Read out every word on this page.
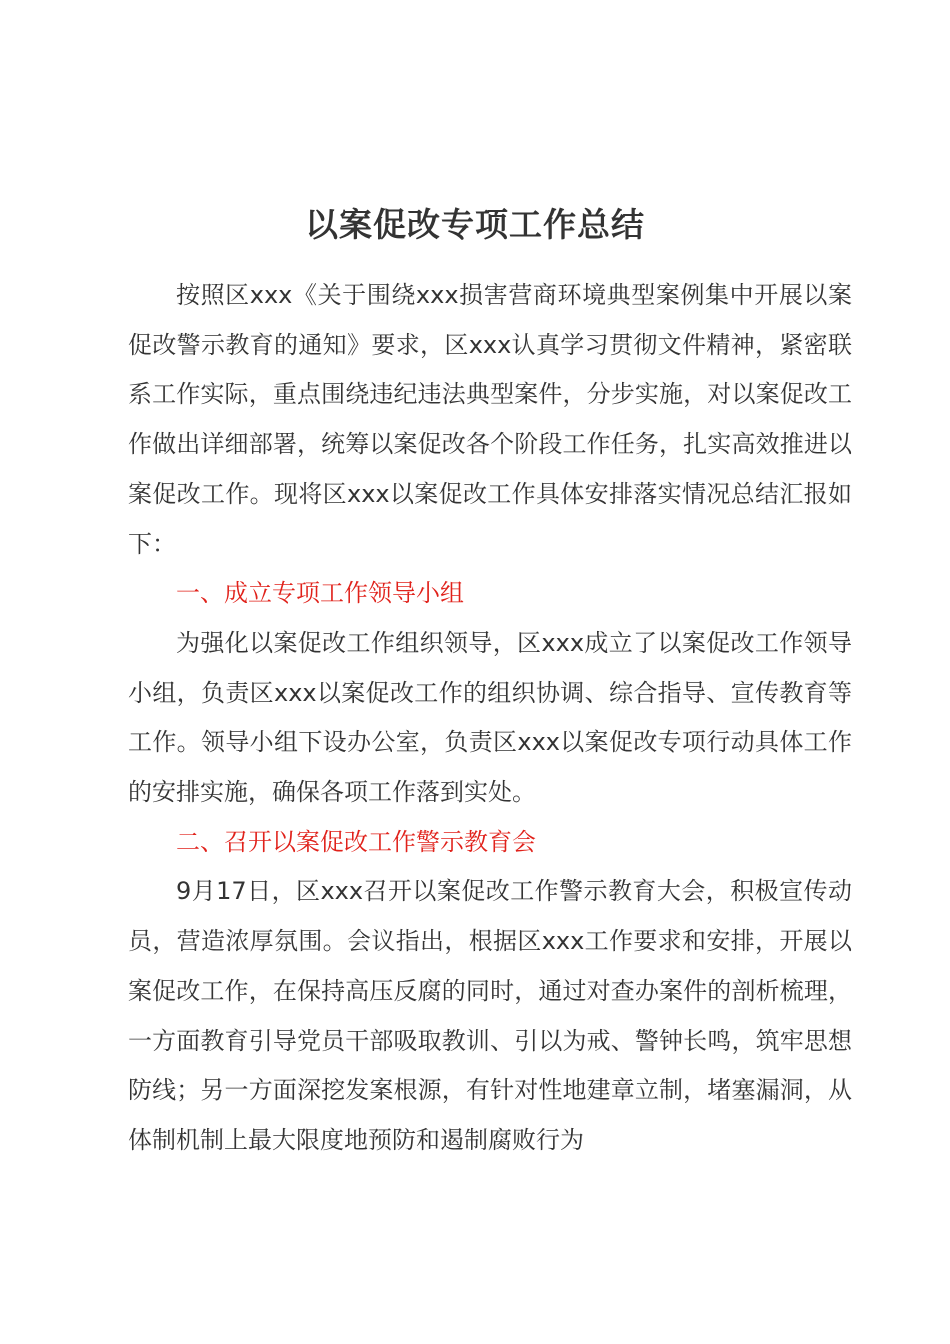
以案促改专项工作总结

按照区xxx《关于围绕xxx损害营商环境典型案例集中开展以案促改警示教育的通知》要求，区xxx认真学习贯彻文件精神，紧密联系工作实际，重点围绕违纪违法典型案件，分步实施，对以案促改工作做出详细部署，统筹以案促改各个阶段工作任务，扎实高效推进以案促改工作。现将区xxx以案促改工作具体安排落实情况总结汇报如下：

一、成立专项工作领导小组

为强化以案促改工作组织领导，区xxx成立了以案促改工作领导小组，负责区xxx以案促改工作的组织协调、综合指导、宣传教育等工作。领导小组下设办公室，负责区xxx以案促改专项行动具体工作的安排实施，确保各项工作落到实处。

二、召开以案促改工作警示教育会

9月17日，区xxx召开以案促改工作警示教育大会，积极宣传动员，营造浓厚氛围。会议指出，根据区xxx工作要求和安排，开展以案促改工作，在保持高压反腐的同时，通过对查办案件的剖析梳理，一方面教育引导党员干部吸取教训、引以为戒、警钟长鸣，筑牢思想防线；另一方面深挖发案根源，有针对性地建章立制，堵塞漏洞，从体制机制上最大限度地预防和遏制腐败行为
